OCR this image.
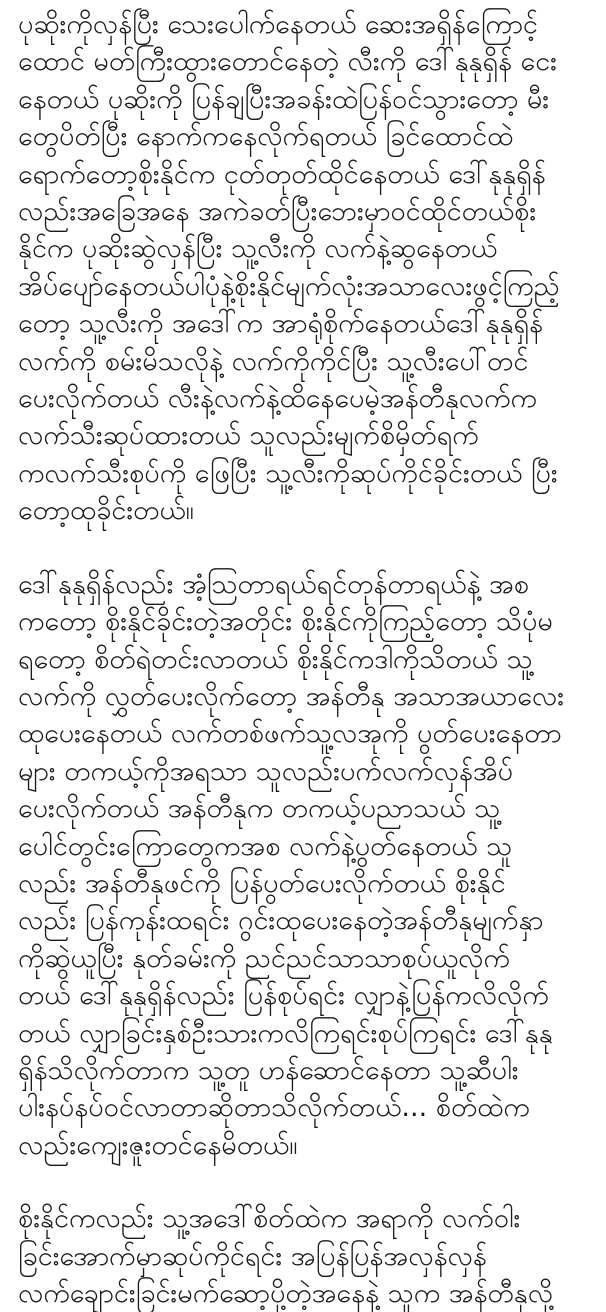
ပုဆိုးကိုလှန်ပြီး သေးပေါက်နေတယ် ဆေးအရှိန်ကြောင့်
ထောင် မတ်ကြီးထွားတောင်နေတဲ့ လီးကို ဒေါ်နုနုရှိန် ငေး
နေတယ် ပုဆိုးကို ပြန်ချပြီးအခန်းထဲပြန်ဝင်သွားတော့ မီး
တွေပိတ်ပြီး နောက်ကနေလိုက်ရတယ် ခြင်ထောင်ထဲ
ရောက်တော့စိုးနိုင်က ငုတ်တုတ်ထိုင်နေတယ် ဒေါ်နုနုရှိန်
လည်းအခြေအနေ အကဲခတ်ပြီးဘေးမှာဝင်ထိုင်တယ်စိုး
နိုင်က ပုဆိုးဆွဲလှန်ပြီး သူ့လီးကို လက်နဲ့ဆွနေတယ်
အိပ်ပျော်နေတယ်ပါပုံနဲ့စိုးနိုင်မျက်လုံးအသာလေးဖွင့်ကြည့်
တော့ သူ့လီးကို အဒေါ်က အာရုံစိုက်နေတယ်ဒေါ်နုနုရှိန်
လက်ကို စမ်းမိသလိုနဲ့ လက်ကိုကိုင်ပြီး သူ့လီးပေါ်တင်
ပေးလိုက်တယ် လီးနဲ့လက်နဲ့ထိနေပေမဲ့အန်တီနုလက်က
လက်သီးဆုပ်ထားတယ် သူလည်းမျက်စိမှိတ်ရက်
ကလက်သီးစုပ်ကို ဖြေပြီး သူ့လီးကိုဆုပ်ကိုင်ခိုင်းတယ် ပြီး
တော့ထုခိုင်းတယ်။

ဒေါ်နုနုရှိန်လည်း အံ့သြတာရယ်ရင်တုန်တာရယ်နဲ့ အစ
ကတော့ စိုးနိုင်ခိုင်းတဲ့အတိုင်း စိုးနိုင်ကိုကြည့်တော့ သိပုံမ
ရတော့ စိတ်ရဲတင်းလာတယ် စိုးနိုင်ကဒါကိုသိတယ် သူ့
လက်ကို လွှတ်ပေးလိုက်တော့ အန်တီနု အသာအယာလေး
ထုပေးနေတယ် လက်တစ်ဖက်သူ့လအုကို ပွတ်ပေးနေတာ
များ တကယ့်ကိုအရသာ သူလည်းပက်လက်လှန်အိပ်
ပေးလိုက်တယ် အန်တီနုက တကယ့်ပညာသယ် သူ့
ပေါင်တွင်းကြောတွေကအစ လက်နဲ့ပွတ်နေတယ် သူ
လည်း အန်တီနုဖင်ကို ပြန်ပွတ်ပေးလိုက်တယ် စိုးနိုင်
လည်း ပြန်ကုန်းထရင်း ဂွင်းထုပေးနေတဲ့အန်တီနုမျက်နှာ
ကိုဆွဲယူပြီး နုတ်ခမ်းကို ညင်ညင်သာသာစုပ်ယူလိုက်
တယ် ဒေါ်နုနုရှိန်လည်း ပြန်စုပ်ရင်း လျှာနဲ့ပြန်ကလိလိုက်
တယ် လျှာခြင်းနှစ်ဦးသားကလိကြရင်းစုပ်ကြရင်း ဒေါ်နုနု
ရှိန်သိလိုက်တာက သူ့တူ ဟန်ဆောင်နေတာ သူ့ဆီပါး
ပါးနပ်နပ်ဝင်လာတာဆိုတာသိလိုက်တယ်... စိတ်ထဲက
လည်းကျေးဇူးတင်နေမိတယ်။

စိုးနိုင်ကလည်း သူ့အဒေါ်စိတ်ထဲက အရာကို လက်ဝါး
ခြင်းအောက်မှာဆုပ်ကိုင်ရင်း အပြန်ပြန်အလှန်လှန်
လက်ချောင်းခြင်းမက်ဆော့ပို့တဲ့အနေနဲ့ သူက အန်တီနုလို့
